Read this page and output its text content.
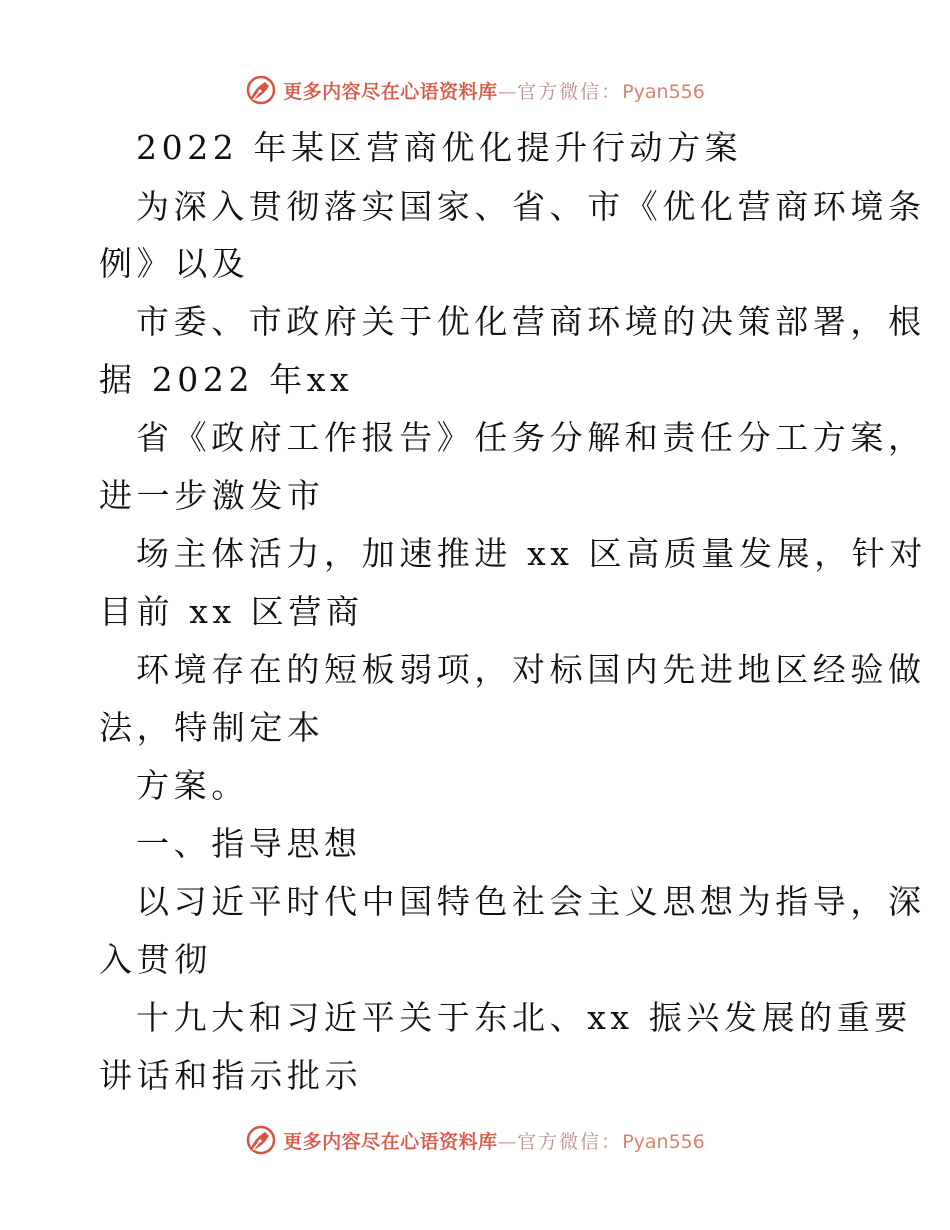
更多内容尽在心语资料库—官方微信：Pyan556
2022 年某区营商优化提升行动方案
为深入贯彻落实国家、省、市《优化营商环境条
例》以及
市委、市政府关于优化营商环境的决策部署，根
据 2022 年xx
省《政府工作报告》任务分解和责任分工方案，
进一步激发市
场主体活力，加速推进 xx 区高质量发展，针对
目前 xx 区营商
环境存在的短板弱项，对标国内先进地区经验做
法，特制定本
方案。
一、指导思想
以习近平时代中国特色社会主义思想为指导，深
入贯彻
十九大和习近平关于东北、xx 振兴发展的重要
讲话和指示批示
更多内容尽在心语资料库—官方微信：Pyan556
